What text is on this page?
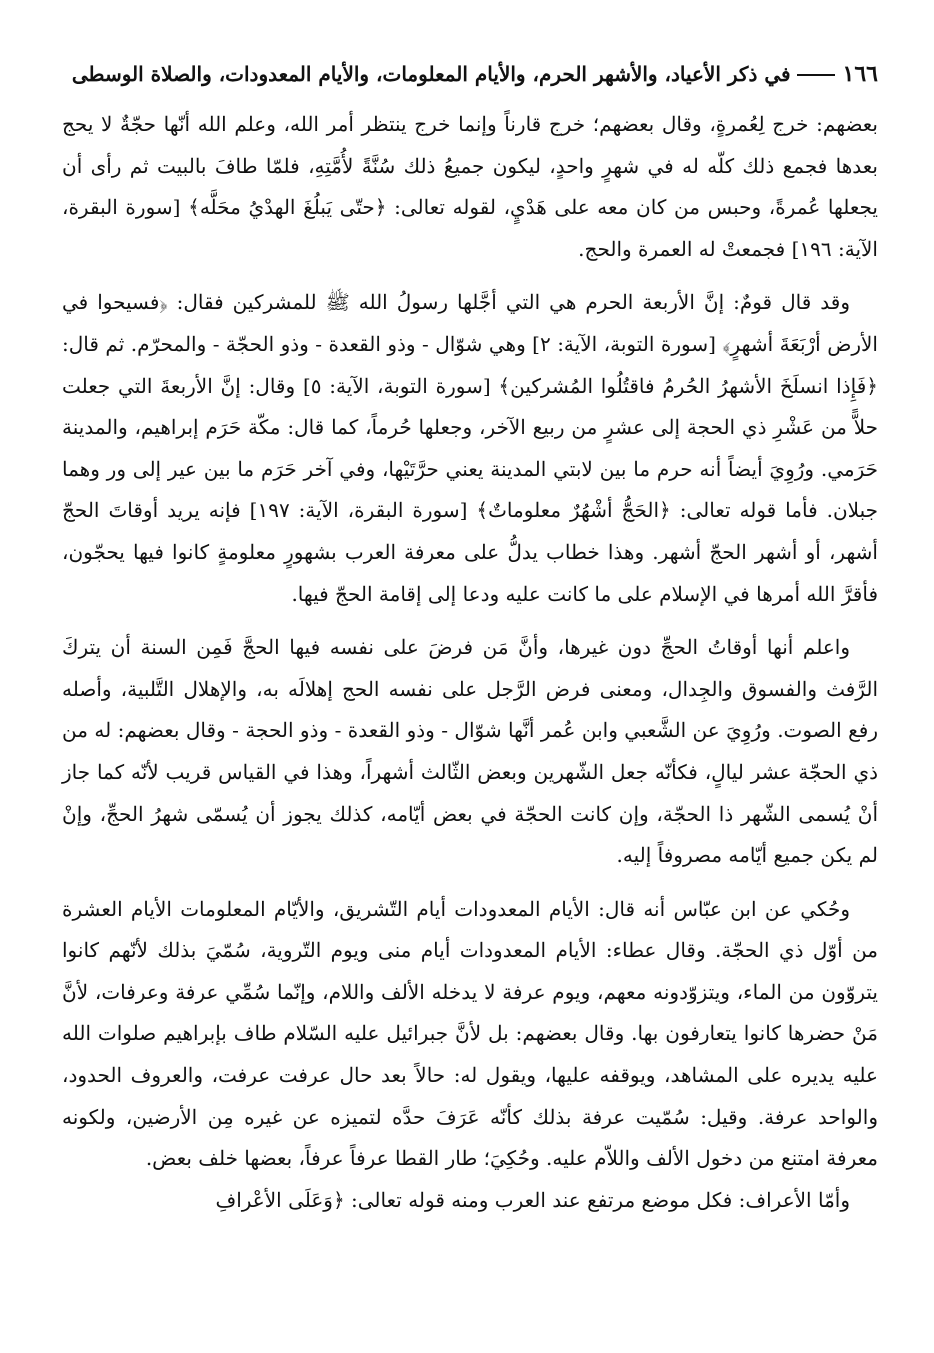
١٦٦
في ذكر الأعياد، والأشهر الحرم، والأيام المعلومات، والأيام المعدودات، والصلاة الوسطى

بعضهم: خرج لِعُمرةٍ، وقال بعضهم؛ خرج قارناً وإنما خرج ينتظر أمر الله، وعلم الله أنّها حجّةٌ لا يحج بعدها فجمع ذلك كلّه له في شهرٍ واحدٍ، ليكون جميعُ ذلك سُنَّةً لأُمَّتِهِ، فلمّا طافَ بالبيت ثم رأى أن يجعلها عُمرةً، وحبس من كان معه على هَدْيٍ، لقوله تعالى: ﴿حتّى يَبلُغَ الهدْيُ محَلَّه﴾ [سورة البقرة، الآية: ١٩٦] فجمعتْ له العمرة والحج.

وقد قال قومٌ: إنَّ الأربعة الحرم هي التي أجَّلها رسولُ الله ﷺ للمشركين فقال: ﴿فسيحوا في الأرض أرْبَعَةَ أشهرٍ﴾ [سورة التوبة، الآية: ٢] وهي شوّال - وذو القعدة - وذو الحجّة - والمحرّم. ثم قال: ﴿فَإِذا انسلَخَ الأشهرُ الحُرمُ فاقتُلُوا المُشركين﴾ [سورة التوبة، الآية: ٥] وقال: إنَّ الأربعةَ التي جعلت حلاًّ من عَشْرِ ذي الحجة إلى عشرٍ من ربيع الآخر، وجعلها حُرماً، كما قال: مكّة حَرَم إبراهيم، والمدينة حَرَمي. ورُوِيَ أيضاً أنه حرم ما بين لابتي المدينة يعني حرَّتَيْها، وفي آخر حَرَم ما بين عير إلى ور وهما جبلان. فأما قوله تعالى: ﴿الحَجُّ أشْهُرٌ معلوماتٌ﴾ [سورة البقرة، الآية: ١٩٧] فإنه يريد أوقاتَ الحجّ أشهر، أو أشهر الحجّ أشهر. وهذا خطاب يدلُّ على معرفة العرب بشهورٍ معلومةٍ كانوا فيها يحجّون، فأقرَّ الله أمرها في الإسلام على ما كانت عليه ودعا إلى إقامة الحجّ فيها.

واعلم أنها أوقاتُ الحجِّ دون غيرها، وأنَّ مَن فرضَ على نفسه فيها الحجَّ فَمِن السنة أن يتركَ الرَّفث والفسوق والجِدال، ومعنى فرض الرَّجل على نفسه الحج إهلالَه به، والإهلال التَّلبية، وأصله رفع الصوت. ورُوِيَ عن الشَّعبي وابن عُمر أنَّها شوّال - وذو القعدة - وذو الحجة - وقال بعضهم: له من ذي الحجّة عشر ليالٍ، فكأنّه جعل الشّهرين وبعض الثّالث أشهراً، وهذا في القياس قريب لأنّه كما جاز أنْ يُسمى الشّهر ذا الحجّة، وإن كانت الحجّة في بعض أيّامه، كذلك يجوز أن يُسمّى شهرُ الحجِّ، وإنْ لم يكن جميع أيّامه مصروفاً إليه.

وحُكي عن ابن عبّاس أنه قال: الأيام المعدودات أيام التّشريق، والأيّام المعلومات الأيام العشرة من أوّل ذي الحجّة. وقال عطاء: الأيام المعدودات أيام منى ويوم التّروية، سُمّيَ بذلك لأنّهم كانوا يتروّون من الماء، ويتزوّدونه معهم، ويوم عرفة لا يدخله الألف واللام، وإنّما سُمِّي عرفة وعرفات، لأنَّ مَنْ حضرها كانوا يتعارفون بها. وقال بعضهم: بل لأنَّ جبرائيل عليه السّلام طاف بإبراهيم صلوات الله عليه يديره على المشاهد، ويوقفه عليها، ويقول له: حالاً بعد حال عرفت عرفت، والعروف الحدود، والواحد عرفة. وقيل: سُمّيت عرفة بذلك كأنّه عَرَفَ حدَّه لتميزه عن غيره مِن الأرضين، ولكونه معرفة امتنع من دخول الألف واللاّم عليه. وحُكِيَ؛ طار القطا عرفاً عرفاً، بعضها خلف بعض.

وأمّا الأعراف: فكل موضع مرتفع عند العرب ومنه قوله تعالى: ﴿وَعَلَى الأعْرافِ
